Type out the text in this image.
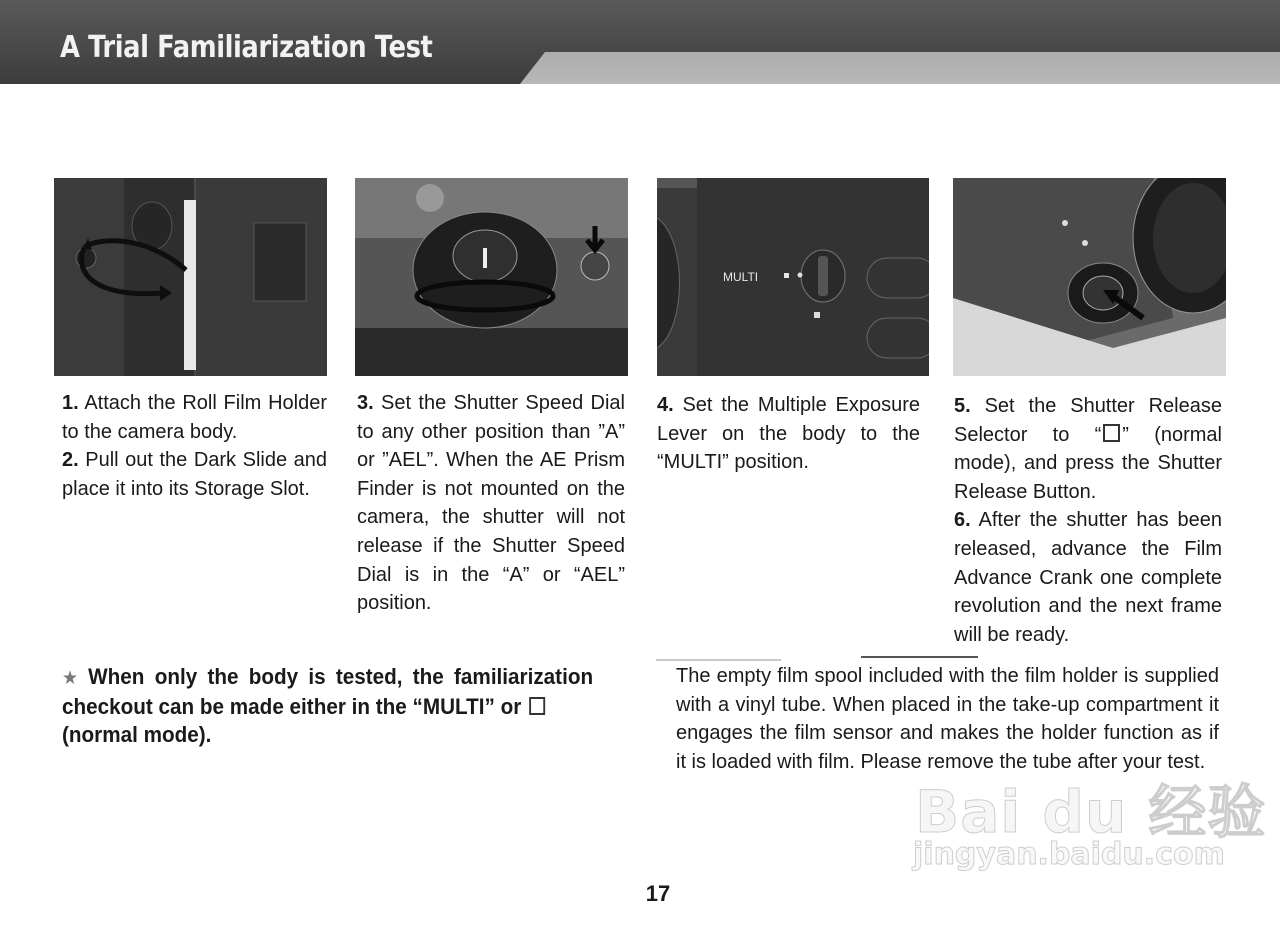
A Trial Familiarization Test
MULTI

1. Attach the Roll Film Holder to the camera body.

2. Pull out the Dark Slide and place it into its Storage Slot.

3. Set the Shutter Speed Dial to any other position than ”A” or ”AEL”. When the AE Prism Finder is not mounted on the camera, the shutter will not release if the Shutter Speed Dial is in the “A” or “AEL” position.

4. Set the Multiple Exposure Lever on the body to the “MULTI” position.

5. Set the Shutter Release Selector to “ ” (normal mode), and press the Shutter Release Button.

6. After the shutter has been released, advance the Film Advance Crank one complete revolution and the next frame will be ready.

★ When only the body is tested, the familiarization checkout can be made either in the “MULTI” or
(normal mode).
The empty film spool included with the film holder is supplied with a vinyl tube. When placed in the take-up compartment it engages the film sensor and makes the holder function as if it is loaded with film. Please remove the tube after your test.
17
Bai du 经验
jingyan.baidu.com
